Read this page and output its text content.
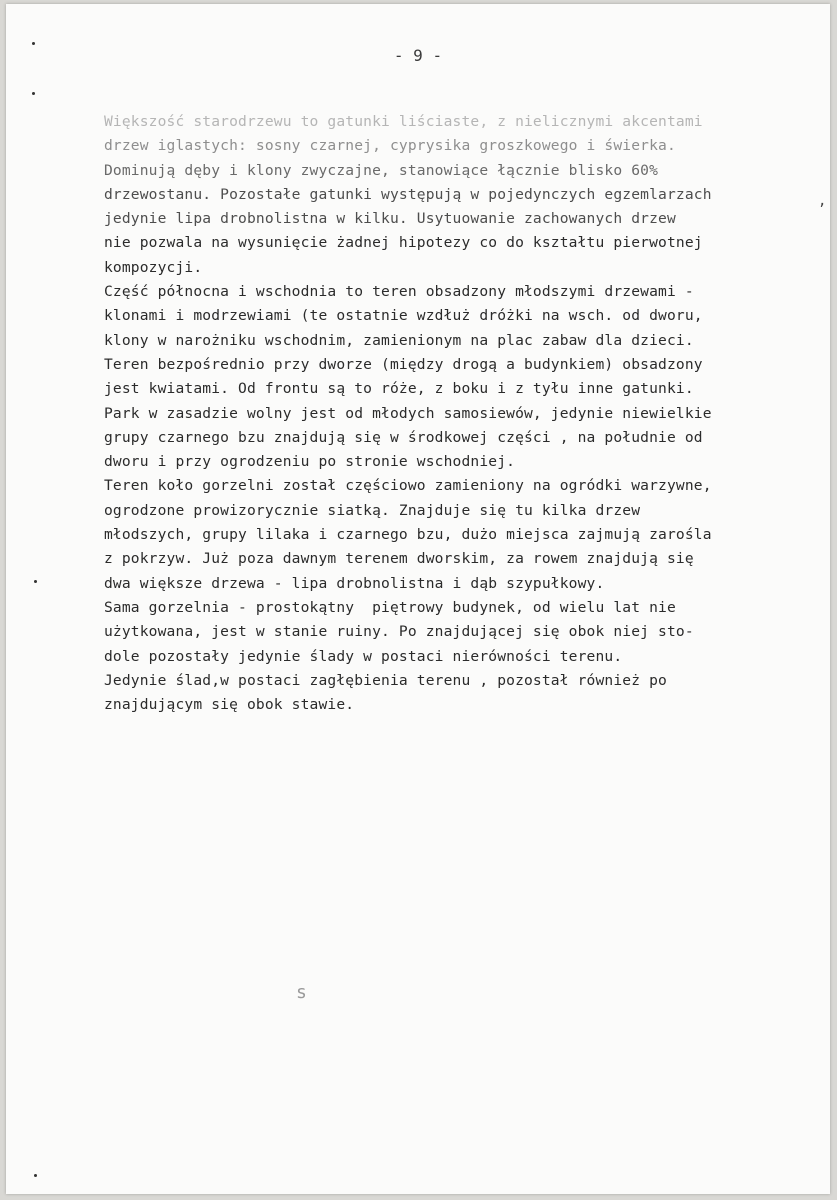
- 9 -
Większość starodrzewu to gatunki liściaste, z nielicznymi akcentami
drzew iglastych: sosny czarnej, cyprysika groszkowego i świerka.
Dominują dęby i klony zwyczajne, stanowiące łącznie blisko 60%
drzewostanu. Pozostałe gatunki występują w pojedynczych egzemlarzach
jedynie lipa drobnolistna w kilku. Usytuowanie zachowanych drzew
nie pozwala na wysunięcie żadnej hipotezy co do kształtu pierwotnej
kompozycji.
Część północna i wschodnia to teren obsadzony młodszymi drzewami -
klonami i modrzewiami (te ostatnie wzdłuż dróżki na wsch. od dworu,
klony w narożniku wschodnim, zamienionym na plac zabaw dla dzieci.
Teren bezpośrednio przy dworze (między drogą a budynkiem) obsadzony
jest kwiatami. Od frontu są to róże, z boku i z tyłu inne gatunki.
Park w zasadzie wolny jest od młodych samosiewów, jedynie niewielkie
grupy czarnego bzu znajdują się w środkowej części , na południe od
dworu i przy ogrodzeniu po stronie wschodniej.
Teren koło gorzelni został częściowo zamieniony na ogródki warzywne,
ogrodzone prowizorycznie siatką. Znajduje się tu kilka drzew
młodszych, grupy lilaka i czarnego bzu, dużo miejsca zajmują zarośla
z pokrzyw. Już poza dawnym terenem dworskim, za rowem znajdują się
dwa większe drzewa - lipa drobnolistna i dąb szypułkowy.
Sama gorzelnia - prostokątny  piętrowy budynek, od wielu lat nie
użytkowana, jest w stanie ruiny. Po znajdującej się obok niej sto-
dole pozostały jedynie ślady w postaci nierówności terenu.
Jedynie ślad,w postaci zagłębienia terenu , pozostał również po
znajdującym się obok stawie.
,
s
